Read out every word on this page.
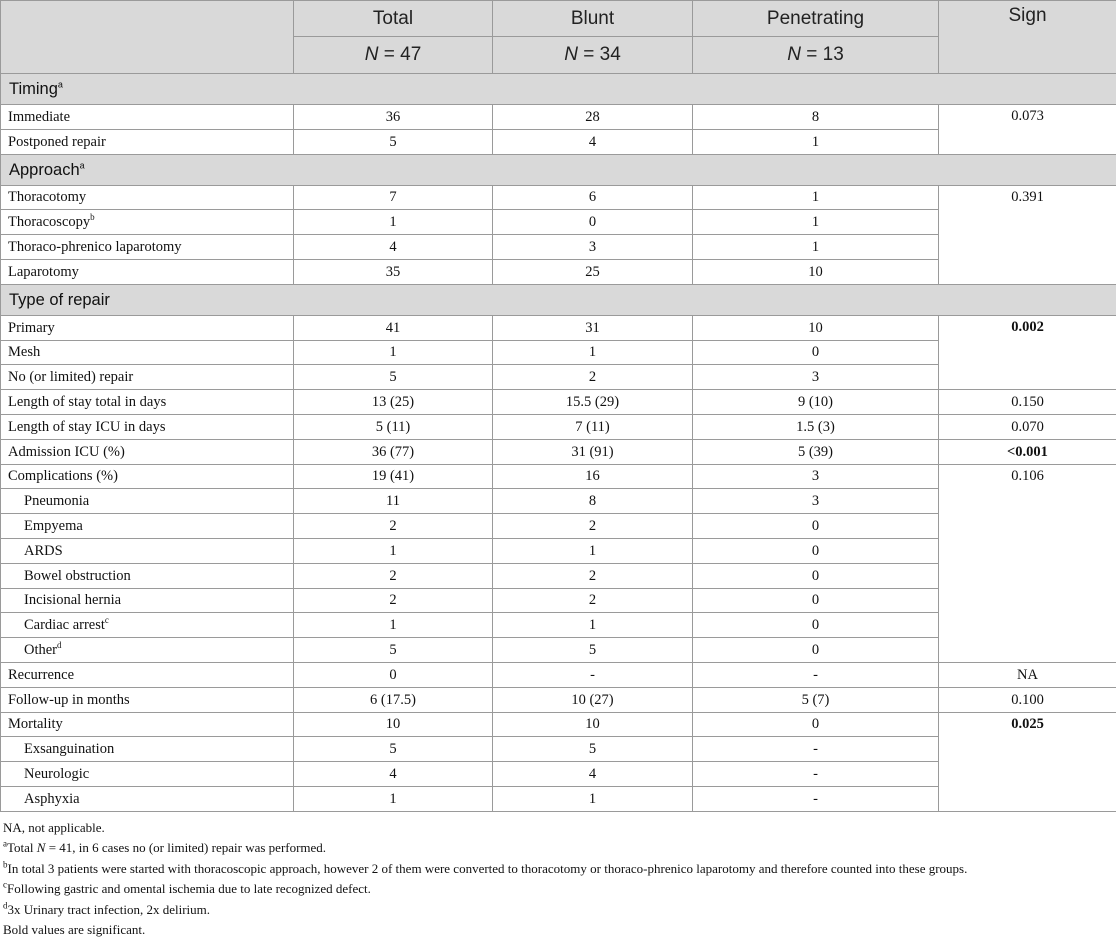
	Total	Blunt	Penetrating	Sign
	N = 47	N = 34	N = 13	
Timing$^a$
Immediate	36	28	8	0.073
Postponed repair	5	4	1	
Approach$^a$
Thoracotomy	7	6	1	0.391
Thoracoscopy$^b$	1	0	1	
Thoraco-phrenico laparotomy	4	3	1	
Laparotomy	35	25	10	
Type of repair				
Primary	41	31	10	0.002
Mesh	1	1	0	
No (or limited) repair	5	2	3	
Length of stay total in days	13 (25)	15.5 (29)	9 (10)	0.150
Length of stay ICU in days	5 (11)	7 (11)	1.5 (3)	0.070
Admission ICU (%)	36 (77)	31 (91)	5 (39)	<0.001
Complications (%)	19 (41)	16	3	0.106
Pneumonia	11	8	3	
Empyema	2	2	0	
ARDS	1	1	0	
Bowel obstruction	2	2	0	
Incisional hernia	2	2	0	
Cardiac arrest$^c$	1	1	0	
Other$^d$	5	5	0	
Recurrence	0	-	-	NA
Follow-up in months	6 (17.5)	10 (27)	5 (7)	0.100
Mortality	10	10	0	0.025
Exsanguination	5	5	-	
Neurologic	4	4	-	
Asphyxia	1	1	-	
NA, not applicable.
$^a$Total N = 41, in 6 cases no (or limited) repair was performed.
$^b$In total 3 patients were started with thoracoscopic approach, however 2 of them were converted to thoracotomy or thoraco-phrenico laparotomy and therefore counted into these groups.
$^c$Following gastric and omental ischemia due to late recognized defect.
$^d$3x Urinary tract infection, 2x delirium.
Bold values are significant.
